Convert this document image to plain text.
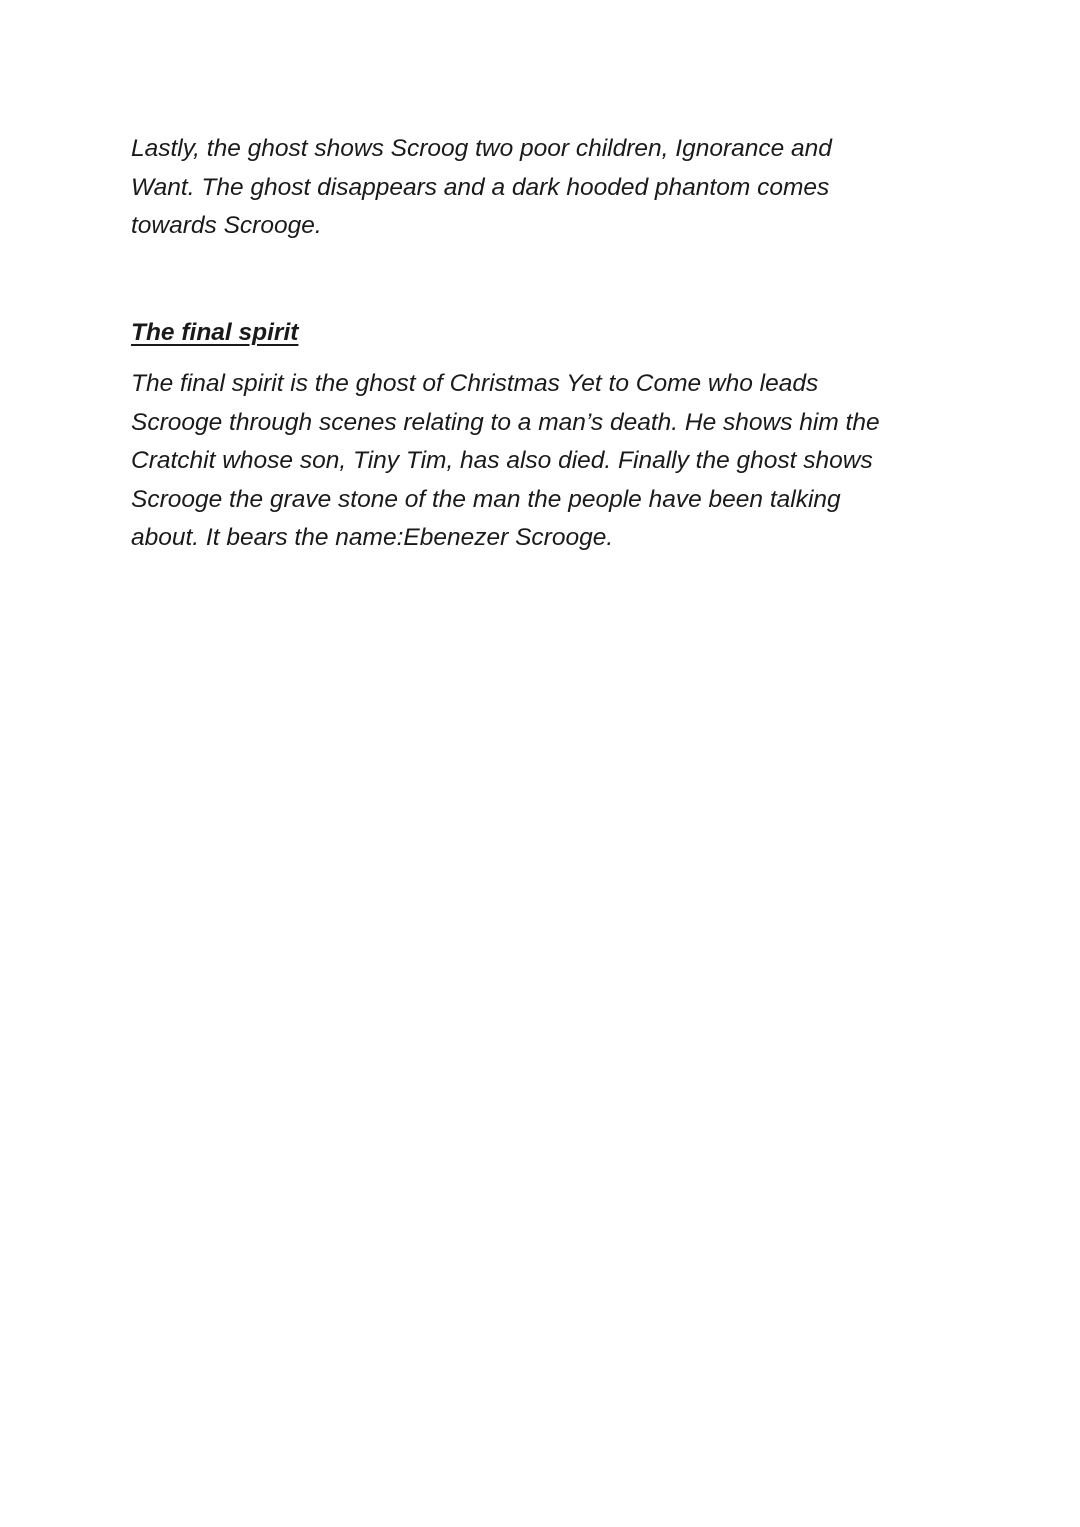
Lastly, the ghost shows Scroog two poor children, Ignorance and
Want. The ghost disappears and a dark hooded phantom comes
towards Scrooge.
The final spirit
The final spirit is the ghost of Christmas Yet to Come who leads
Scrooge through scenes relating to a man’s death. He shows him the
Cratchit whose son, Tiny Tim, has also died. Finally the ghost shows
Scrooge the grave stone of the man the people have been talking
about. It bears the name:Ebenezer Scrooge.
